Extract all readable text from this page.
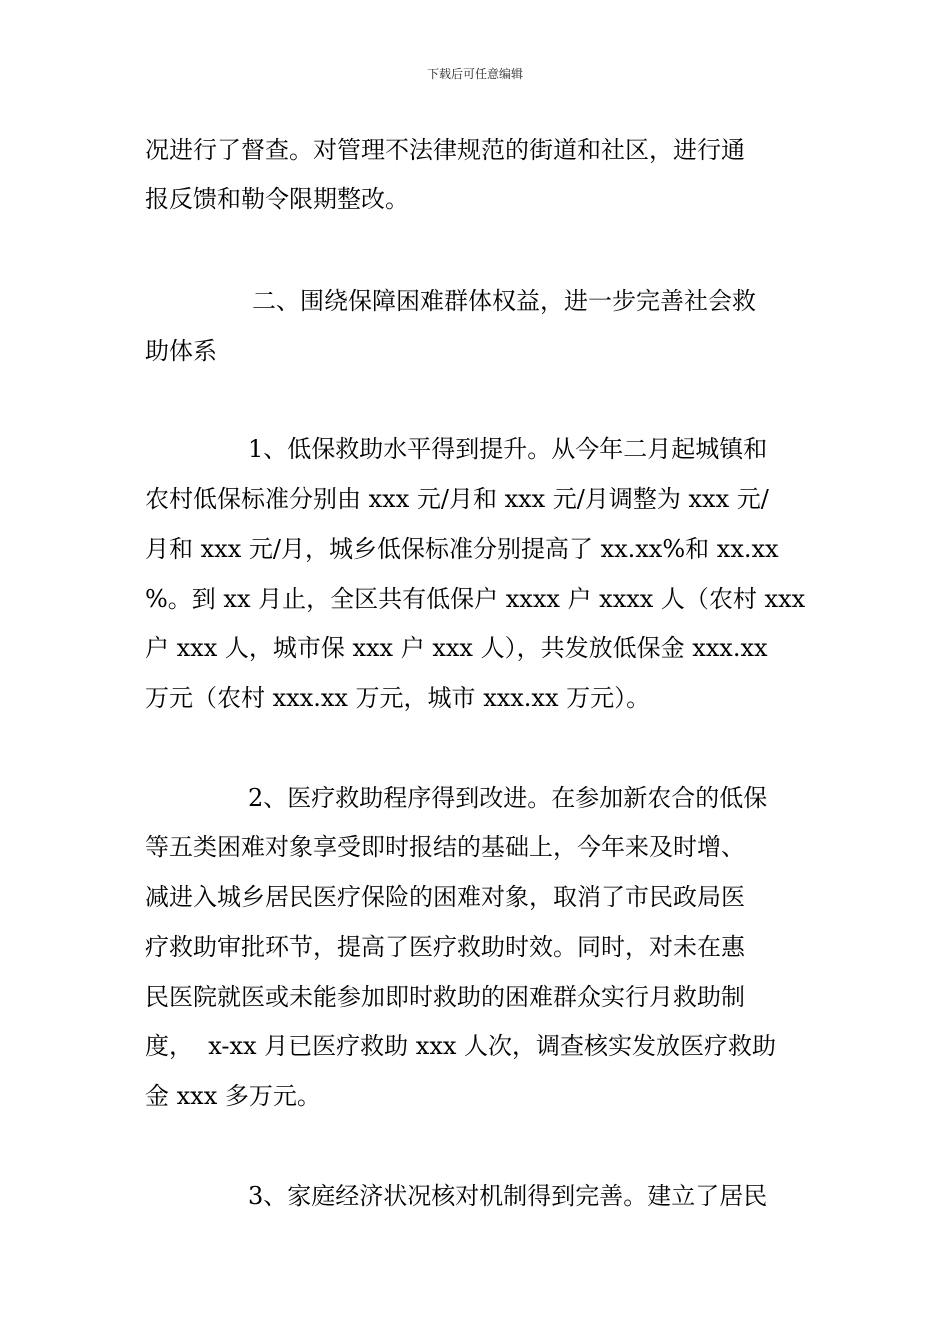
下载后可任意编辑
况进行了督查。对管理不法律规范的街道和社区，进行通
报反馈和勒令限期整改。
二、围绕保障困难群体权益，进一步完善社会救
助体系
1、低保救助水平得到提升。从今年二月起城镇和
农村低保标准分别由 xxx 元/月和 xxx 元/月调整为 xxx 元/
月和 xxx 元/月，城乡低保标准分别提高了 xx.xx%和 xx.xx
%。到 xx 月止，全区共有低保户 xxxx 户 xxxx 人（农村 xxx
户 xxx 人，城市保 xxx 户 xxx 人），共发放低保金 xxx.xx
万元（农村 xxx.xx 万元，城市 xxx.xx 万元）。
2、医疗救助程序得到改进。在参加新农合的低保
等五类困难对象享受即时报结的基础上，今年来及时增、
减进入城乡居民医疗保险的困难对象，取消了市民政局医
疗救助审批环节，提高了医疗救助时效。同时，对未在惠
民医院就医或未能参加即时救助的困难群众实行月救助制
度，  x-xx 月已医疗救助 xxx 人次，调查核实发放医疗救助
金 xxx 多万元。
3、家庭经济状况核对机制得到完善。建立了居民
